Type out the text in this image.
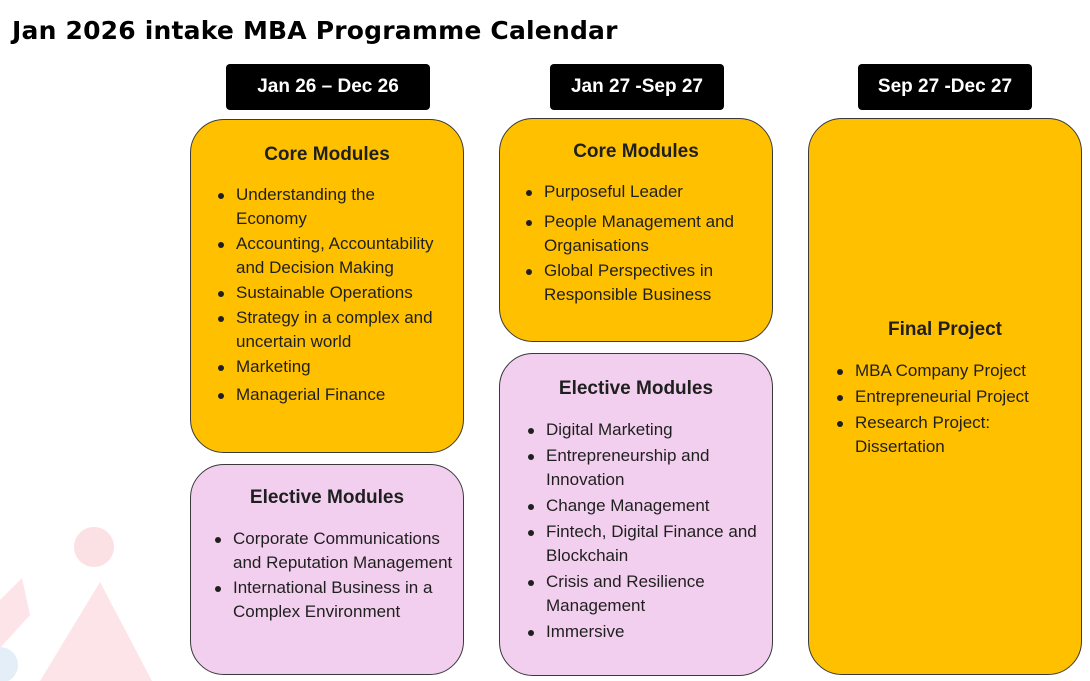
Jan 2026 intake MBA Programme Calendar
Jan 26 – Dec 26	Jan 27 -Sep 27	Sep 27 -Dec 27
Core Modules
Understanding the Economy
Accounting, Accountability and Decision Making
Sustainable Operations
Strategy in a complex and uncertain world
Marketing
Managerial Finance
Elective Modules
Corporate Communications and Reputation Management
International Business in a Complex Environment
Core Modules
Purposeful Leader
People Management and Organisations
Global Perspectives in Responsible Business
Elective Modules
Digital Marketing
Entrepreneurship and Innovation
Change Management
Fintech, Digital Finance and Blockchain
Crisis and Resilience Management
Immersive
Final Project
MBA Company Project
Entrepreneurial Project
Research Project: Dissertation
